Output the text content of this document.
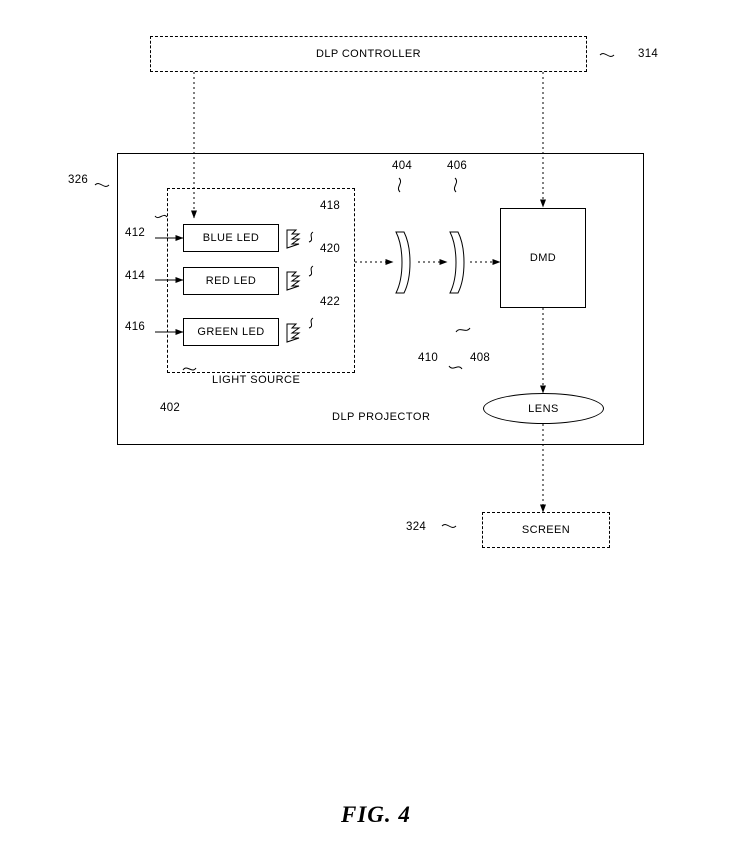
DLP CONTROLLER	314
DLP PROJECTOR
326
LIGHT SOURCE
402
BLUE LED
RED LED
GREEN LED
412
414
416
418
420
422
404	406
DMD
408
LENS
410
SCREEN
324
FIG. 4
